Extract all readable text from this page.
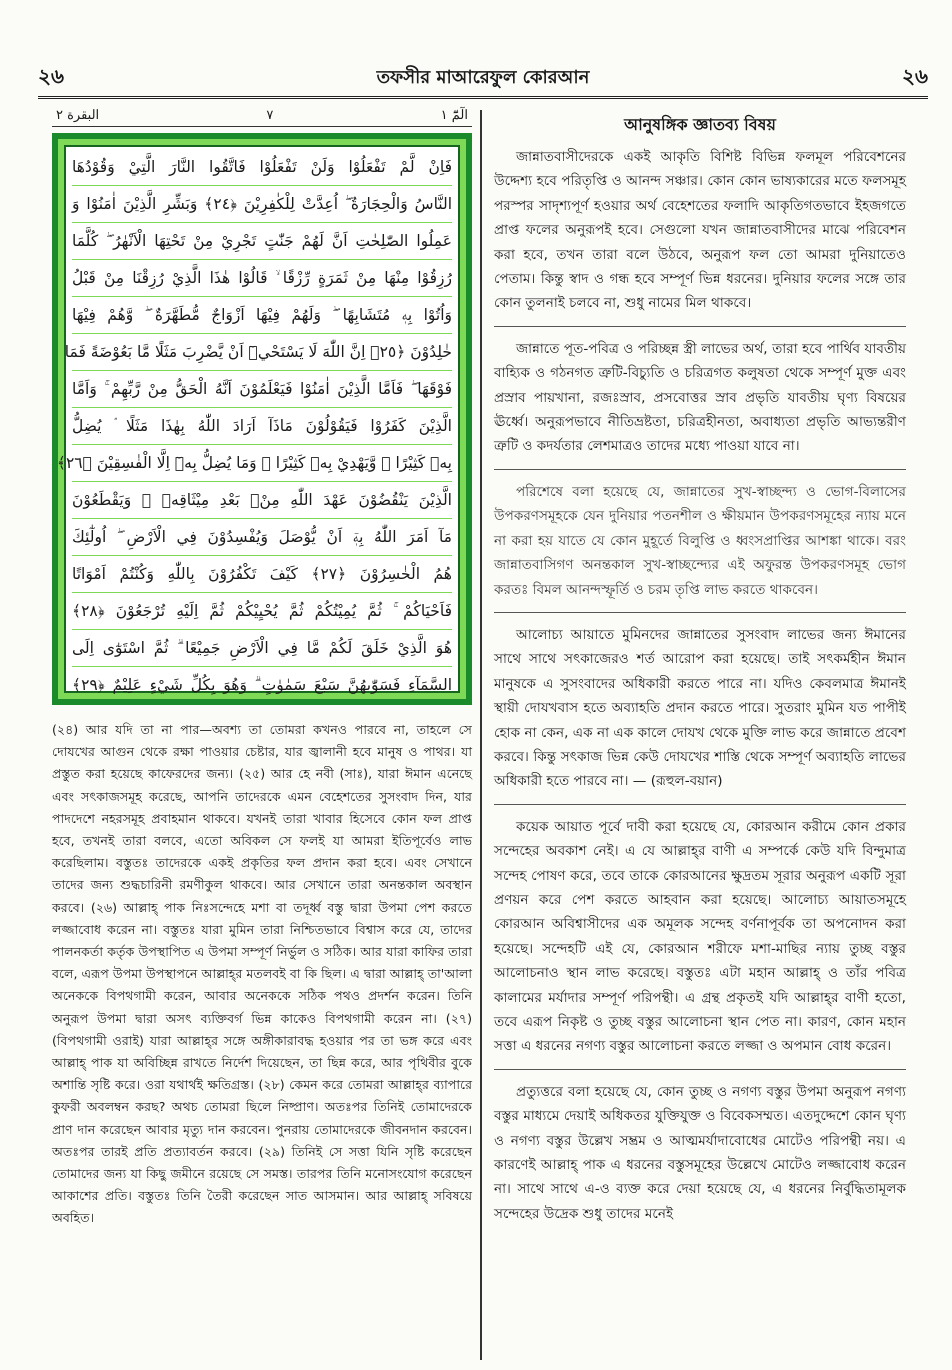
২৬	তফসীর মাআরেফুল কোরআন	২৬
البقرة ٢	٧	الٓمّٓ ١
فَاِنْ لَّمْ تَفْعَلُوْا وَلَنْ تَفْعَلُوْا فَاتَّقُوا النَّارَ الَّتِيْ وَقُوْدُهَا
النَّاسُ وَالْحِجَارَةُ ۖ اُعِدَّتْ لِلْكٰفِرِيْنَ ﴿٢٤﴾ وَبَشِّرِ الَّذِيْنَ اٰمَنُوْا وَ
عَمِلُوا الصّٰلِحٰتِ اَنَّ لَهُمْ جَنّٰتٍ تَجْرِيْ مِنْ تَحْتِهَا الْاَنْهٰرُ ۖ كُلَّمَا
رُزِقُوْا مِنْهَا مِنْ ثَمَرَةٍ رِّزْقًا ۙ قَالُوْا هٰذَا الَّذِيْ رُزِقْنَا مِنْ قَبْلُ
وَاُتُوْا بِهٖ مُتَشَابِهًا ۖ وَلَهُمْ فِيْهَا اَزْوَاجٌ مُّطَهَّرَةٌ ۖ وَّهُمْ فِيْهَا
خٰلِدُوْنَ ﴿٢٥﴾ اِنَّ اللّٰهَ لَا يَسْتَحْيٖٓ اَنْ يَّضْرِبَ مَثَلًا مَّا بَعُوْضَةً فَمَا
فَوْقَهَا ۖ فَاَمَّا الَّذِيْنَ اٰمَنُوْا فَيَعْلَمُوْنَ اَنَّهُ الْحَقُّ مِنْ رَّبِّهِمْ ۚ وَاَمَّا
الَّذِيْنَ كَفَرُوْا فَيَقُوْلُوْنَ مَاذَآ اَرَادَ اللّٰهُ بِهٰذَا مَثَلًا ۘ يُضِلُّ
بِهٖ كَثِيْرًا ۙ وَّيَهْدِيْ بِهٖ كَثِيْرًا ۖ وَمَا يُضِلُّ بِهٖٓ اِلَّا الْفٰسِقِيْنَ ﴿٢٦﴾
الَّذِيْنَ يَنْقُضُوْنَ عَهْدَ اللّٰهِ مِنْۢ بَعْدِ مِيْثَاقِهٖ ۪ وَيَقْطَعُوْنَ
مَآ اَمَرَ اللّٰهُ بِهٖٓ اَنْ يُّوْصَلَ وَيُفْسِدُوْنَ فِي الْاَرْضِ ۖ اُولٰٓئِكَ
هُمُ الْخٰسِرُوْنَ ﴿٢٧﴾ كَيْفَ تَكْفُرُوْنَ بِاللّٰهِ وَكُنْتُمْ اَمْوَاتًا
فَاَحْيَاكُمْ ۚ ثُمَّ يُمِيْتُكُمْ ثُمَّ يُحْيِيْكُمْ ثُمَّ اِلَيْهِ تُرْجَعُوْنَ ﴿٢٨﴾
هُوَ الَّذِيْ خَلَقَ لَكُمْ مَّا فِي الْاَرْضِ جَمِيْعًا ۗ ثُمَّ اسْتَوٰٓى اِلَى
السَّمَآءِ فَسَوّٰىهُنَّ سَبْعَ سَمٰوٰتٍ ۗ وَهُوَ بِكُلِّ شَيْءٍ عَلِيْمٌ ﴿٢٩﴾

(২৪) আর যদি তা না পার—অবশ্য তা তোমরা কখনও পারবে না, তাহলে সে দোযখের আগুন থেকে রক্ষা পাওয়ার চেষ্টার, যার জ্বালানী হবে মানুষ ও পাথর। যা প্রস্তুত করা হয়েছে কাফেরদের জন্য। (২৫) আর হে নবী (সাঃ), যারা ঈমান এনেছে এবং সৎকাজসমূহ করেছে, আপনি তাদেরকে এমন বেহেশতের সুসংবাদ দিন, যার পাদদেশে নহরসমূহ প্রবাহমান থাকবে। যখনই তারা খাবার হিসেবে কোন ফল প্রাপ্ত হবে, তখনই তারা বলবে, এতো অবিকল সে ফলই যা আমরা ইতিপূর্বেও লাভ করেছিলাম। বস্তুতঃ তাদেরকে একই প্রকৃতির ফল প্রদান করা হবে। এবং সেখানে তাদের জন্য শুদ্ধচারিনী রমণীকুল থাকবে। আর সেখানে তারা অনন্তকাল অবস্থান করবে। (২৬) আল্লাহ্ পাক নিঃসন্দেহে মশা বা তদূর্ধ্ব বস্তু দ্বারা উপমা পেশ করতে লজ্জাবোধ করেন না। বস্তুতঃ যারা মুমিন তারা নিশ্চিতভাবে বিশ্বাস করে যে, তাদের পালনকর্তা কর্তৃক উপস্থাপিত এ উপমা সম্পূর্ণ নির্ভুল ও সঠিক। আর যারা কাফির তারা বলে, এরূপ উপমা উপস্থাপনে আল্লাহ্‌র মতলবই বা কি ছিল। এ দ্বারা আল্লাহ্ তা'আলা অনেককে বিপথগামী করেন, আবার অনেককে সঠিক পথও প্রদর্শন করেন। তিনি অনুরূপ উপমা দ্বারা অসৎ ব্যক্তিবর্গ ভিন্ন কাকেও বিপথগামী করেন না। (২৭) (বিপথগামী ওরাই) যারা আল্লাহ্‌র সঙ্গে অঙ্গীকারাবদ্ধ হওয়ার পর তা ভঙ্গ করে এবং আল্লাহ্ পাক যা অবিচ্ছিন্ন রাখতে নির্দেশ দিয়েছেন, তা ছিন্ন করে, আর পৃথিবীর বুকে অশান্তি সৃষ্টি করে। ওরা যথার্থই ক্ষতিগ্রস্ত। (২৮) কেমন করে তোমরা আল্লাহ্‌র ব্যাপারে কুফরী অবলম্বন করছ? অথচ তোমরা ছিলে নিষ্প্রাণ। অতঃপর তিনিই তোমাদেরকে প্রাণ দান করেছেন আবার মৃত্যু দান করবেন। পুনরায় তোমাদেরকে জীবনদান করবেন। অতঃপর তারই প্রতি প্রত্যাবর্তন করবে। (২৯) তিনিই সে সত্তা যিনি সৃষ্টি করেছেন তোমাদের জন্য যা কিছু জমীনে রয়েছে সে সমস্ত। তারপর তিনি মনোসংযোগ করেছেন আকাশের প্রতি। বস্তুতঃ তিনি তৈরী করেছেন সাত আসমান। আর আল্লাহ্ সবিষয়ে অবহিত।

আনুষঙ্গিক জ্ঞাতব্য বিষয়

জান্নাতবাসীদেরকে একই আকৃতি বিশিষ্ট বিভিন্ন ফলমূল পরিবেশনের উদ্দেশ্য হবে পরিতৃপ্তি ও আনন্দ সঞ্চার। কোন কোন ভাষ্যকারের মতে ফলসমূহ পরস্পর সাদৃশ্যপূর্ণ হওয়ার অর্থ বেহেশতের ফলাদি আকৃতিগতভাবে ইহজগতে প্রাপ্ত ফলের অনুরূপই হবে। সেগুলো যখন জান্নাতবাসীদের মাঝে পরিবেশন করা হবে, তখন তারা বলে উঠবে, অনুরূপ ফল তো আমরা দুনিয়াতেও পেতাম। কিন্তু স্বাদ ও গন্ধ হবে সম্পূর্ণ ভিন্ন ধরনের। দুনিয়ার ফলের সঙ্গে তার কোন তুলনাই চলবে না, শুধু নামের মিল থাকবে।

জান্নাতে পূত-পবিত্র ও পরিচ্ছন্ন স্ত্রী লাভের অর্থ, তারা হবে পার্থিব যাবতীয় বাহ্যিক ও গঠনগত ত্রুটি-বিচ্যুতি ও চরিত্রগত কলুষতা থেকে সম্পূর্ণ মুক্ত এবং প্রস্রাব পায়খানা, রজঃস্রাব, প্রসবোত্তর স্রাব প্রভৃতি যাবতীয় ঘৃণ্য বিষয়ের ঊর্ধ্বে। অনুরূপভাবে নীতিভ্রষ্টতা, চরিত্রহীনতা, অবাধ্যতা প্রভৃতি আভ্যন্তরীণ ত্রুটি ও কদর্যতার লেশমাত্রও তাদের মধ্যে পাওয়া যাবে না।

পরিশেষে বলা হয়েছে যে, জান্নাতের সুখ-স্বাচ্ছন্দ্য ও ভোগ-বিলাসের উপকরণসমূহকে যেন দুনিয়ার পতনশীল ও ক্ষীয়মান উপকরণসমূহের ন্যায় মনে না করা হয় যাতে যে কোন মুহূর্তে বিলুপ্তি ও ধ্বংসপ্রাপ্তির আশঙ্কা থাকে। বরং জান্নাতবাসিগণ অনন্তকাল সুখ-স্বাচ্ছন্দ্যের এই অফুরন্ত উপকরণসমূহ ভোগ করতঃ বিমল আনন্দস্ফূর্তি ও চরম তৃপ্তি লাভ করতে থাকবেন।

আলোচ্য আয়াতে মুমিনদের জান্নাতের সুসংবাদ লাভের জন্য ঈমানের সাথে সাথে সৎকাজেরও শর্ত আরোপ করা হয়েছে। তাই সৎকর্মহীন ঈমান মানুষকে এ সুসংবাদের অধিকারী করতে পারে না। যদিও কেবলমাত্র ঈমানই স্থায়ী দোযখবাস হতে অব্যাহতি প্রদান করতে পারে। সুতরাং মুমিন যত পাপীই হোক না কেন, এক না এক কালে দোযখ থেকে মুক্তি লাভ করে জান্নাতে প্রবেশ করবে। কিন্তু সৎকাজ ভিন্ন কেউ দোযখের শাস্তি থেকে সম্পূর্ণ অব্যাহতি লাভের অধিকারী হতে পারবে না। — (রূহুল-বয়ান)

কয়েক আয়াত পূর্বে দাবী করা হয়েছে যে, কোরআন করীমে কোন প্রকার সন্দেহের অবকাশ নেই। এ যে আল্লাহ্‌র বাণী এ সম্পর্কে কেউ যদি বিন্দুমাত্র সন্দেহ পোষণ করে, তবে তাকে কোরআনের ক্ষুদ্রতম সূরার অনুরূপ একটি সূরা প্রণয়ন করে পেশ করতে আহবান করা হয়েছে। আলোচ্য আয়াতসমূহে কোরআন অবিশ্বাসীদের এক অমূলক সন্দেহ বর্ণনাপূর্বক তা অপনোদন করা হয়েছে। সন্দেহটি এই যে, কোরআন শরীফে মশা-মাছির ন্যায় তুচ্ছ বস্তুর আলোচনাও স্থান লাভ করেছে। বস্তুতঃ এটা মহান আল্লাহ্ ও তাঁর পবিত্র কালামের মর্যাদার সম্পূর্ণ পরিপন্থী। এ গ্রন্থ প্রকৃতই যদি আল্লাহ্‌র বাণী হতো, তবে এরূপ নিকৃষ্ট ও তুচ্ছ বস্তুর আলোচনা স্থান পেত না। কারণ, কোন মহান সত্তা এ ধরনের নগণ্য বস্তুর আলোচনা করতে লজ্জা ও অপমান বোধ করেন।

প্রত্যুত্তরে বলা হয়েছে যে, কোন তুচ্ছ ও নগণ্য বস্তুর উপমা অনুরূপ নগণ্য বস্তুর মাধ্যমে দেয়াই অধিকতর যুক্তিযুক্ত ও বিবেকসম্মত। এতদুদ্দেশে কোন ঘৃণ্য ও নগণ্য বস্তুর উল্লেখ সম্ভ্রম ও আত্মমর্যাদাবোধের মোটেও পরিপন্থী নয়। এ কারণেই আল্লাহ্ পাক এ ধরনের বস্তুসমূহের উল্লেখে মোটেও লজ্জাবোধ করেন না। সাথে সাথে এ-ও ব্যক্ত করে দেয়া হয়েছে যে, এ ধরনের নির্বুদ্ধিতামূলক সন্দেহের উদ্রেক শুধু তাদের মনেই
